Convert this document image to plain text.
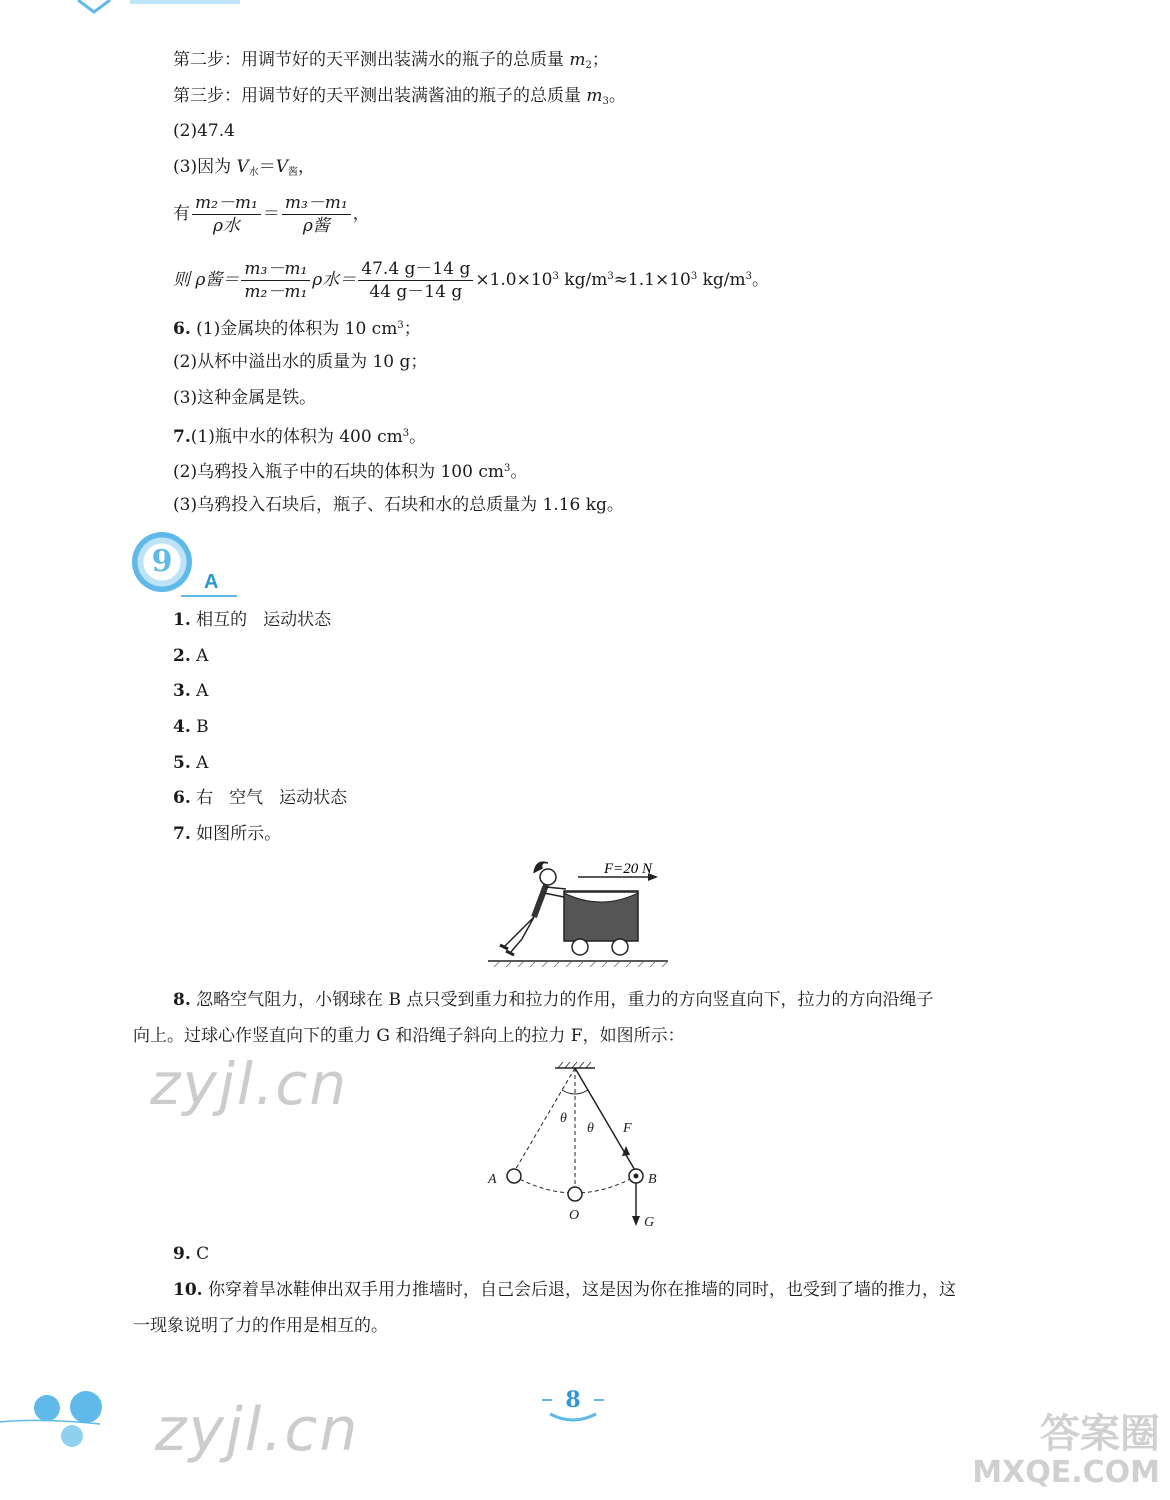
第二步：用调节好的天平测出装满水的瓶子的总质量 $m_2$；
第三步：用调节好的天平测出装满酱油的瓶子的总质量 $m_3$。
(2)47.4
(3)因为 $V_水=V_酱$，
有 $\frac{\text{m₂－m₁}}{\text{ρ水}} = \frac{\text{m₃－m₁}}{\text{ρ酱}}$ ，
则 ρ酱＝ $\frac{\text{m₃－m₁}}{\text{m₂－m₁}}$ ρ水＝ $\frac{47.4 g-14 g}{44 g-14 g} \times 1.0\times 10^3$ $kg/m^3\approx 1.1\times 10^3$ $kg/m^3$。
6. (1)金属块的体积为 10 $cm^3$；
(2)从杯中溢出水的质量为 10 g；
(3)这种金属是铁。
7.(1)瓶中水的体积为 400 $cm^3$。
(2)乌鸦投入瓶子中的石块的体积为 100 $cm^3$。
(3)乌鸦投入石块后，瓶子、石块和水的总质量为 1.16 kg。
9
A
1. 相互的 运动状态
2. A
3. A
4. B
5. A
6. 右 空气 运动状态
7. 如图所示。
F=20 N
8. 忽略空气阻力，小钢球在 B 点只受到重力和拉力的作用，重力的方向竖直向下，拉力的方向沿绳子
向上。过球心作竖直向下的重力 G 和沿绳子斜向上的拉力 F，如图所示：
θ
θ F
A	B
O	G
9. C
10. 你穿着旱冰鞋伸出双手用力推墙时，自己会后退，这是因为你在推墙的同时，也受到了墙的推力，这
一现象说明了力的作用是相互的。
zyjl.cn
zyjl.cn	答案圈
MXQE.COM
8
